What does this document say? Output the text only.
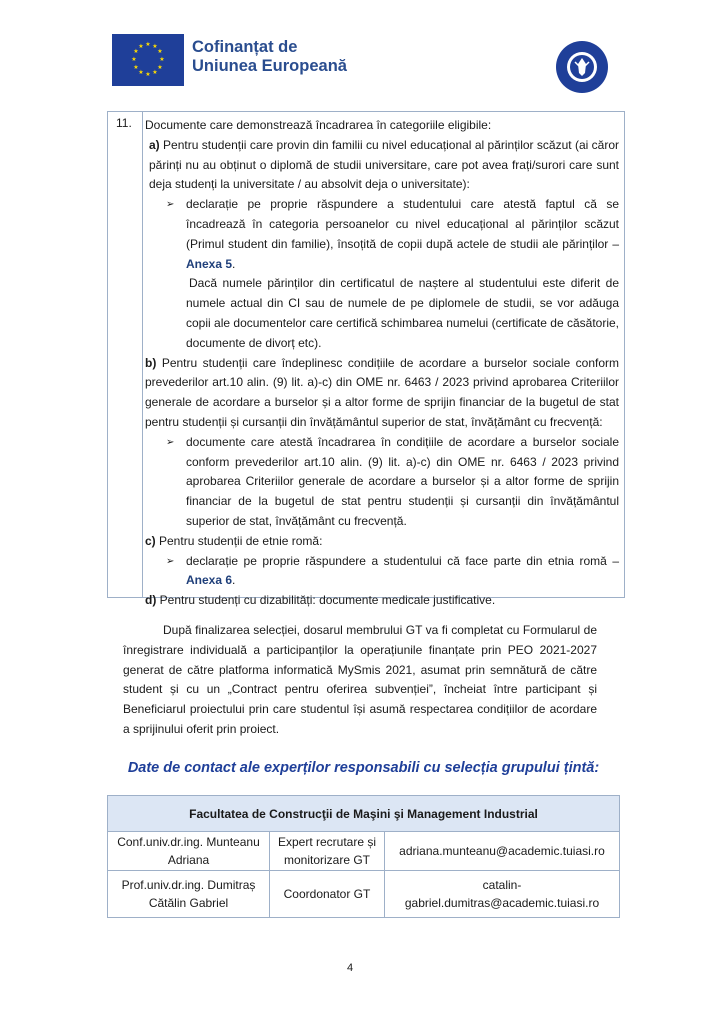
★ ★
★
★
★
★
★
★
★
★
★
★	Cofinanțat de
Uniunea Europeană
11. Documente care demonstrează încadrarea în categoriile eligibile:

a) Pentru studenții care provin din familii cu nivel educațional al părinților scăzut (ai căror părinți nu au obținut o diplomă de studii universitare, care pot avea frați/surori care sunt deja studenți la universitate / au absolvit deja o universitate):

➢ declarație pe proprie răspundere a studentului care atestă faptul că se încadrează în categoria persoanelor cu nivel educațional al părinților scăzut (Primul student din familie), însoțită de copii după actele de studii ale părinților – Anexa 5.

Dacă numele părinților din certificatul de naștere al studentului este diferit de numele actual din CI sau de numele de pe diplomele de studii, se vor adăuga copii ale documentelor care certifică schimbarea numelui (certificate de căsătorie, documente de divorț etc).

b) Pentru studenții care îndeplinesc condițiile de acordare a burselor sociale conform prevederilor art.10 alin. (9) lit. a)-c) din OME nr. 6463 / 2023 privind aprobarea Criteriilor generale de acordare a burselor și a altor forme de sprijin financiar de la bugetul de stat pentru studenții și cursanții din învățământul superior de stat, învățământ cu frecvență:

➢ documente care atestă încadrarea în condițiile de acordare a burselor sociale conform prevederilor art.10 alin. (9) lit. a)-c) din OME nr. 6463 / 2023 privind aprobarea Criteriilor generale de acordare a burselor și a altor forme de sprijin financiar de la bugetul de stat pentru studenții și cursanții din învățământul superior de stat, învățământ cu frecvență.

c) Pentru studenții de etnie romă:

➢ declarație pe proprie răspundere a studentului că face parte din etnia romă – Anexa 6.

d) Pentru studenți cu dizabilități: documente medicale justificative.

După finalizarea selecției, dosarul membrului GT va fi completat cu Formularul de înregistrare individuală a participanților la operațiunile finanțate prin PEO 2021-2027 generat de către platforma informatică MySmis 2021, asumat prin semnătură de către student și cu un „Contract pentru oferirea subvenției”, încheiat între participant și Beneficiarul proiectului prin care studentul își asumă respectarea condițiilor de acordare a sprijinului oferit prin proiect.
Date de contact ale experților responsabili cu selecția grupului țintă:
Facultatea de Construcţii de Maşini şi Management Industrial		
Conf.univ.dr.ing. Munteanu Adriana	Expert recrutare și monitorizare GT	adriana.munteanu@academic.tuiasi.ro
Prof.univ.dr.ing. Dumitraș Cătălin Gabriel	Coordonator GT	catalin-gabriel.dumitras@academic.tuiasi.ro
4
